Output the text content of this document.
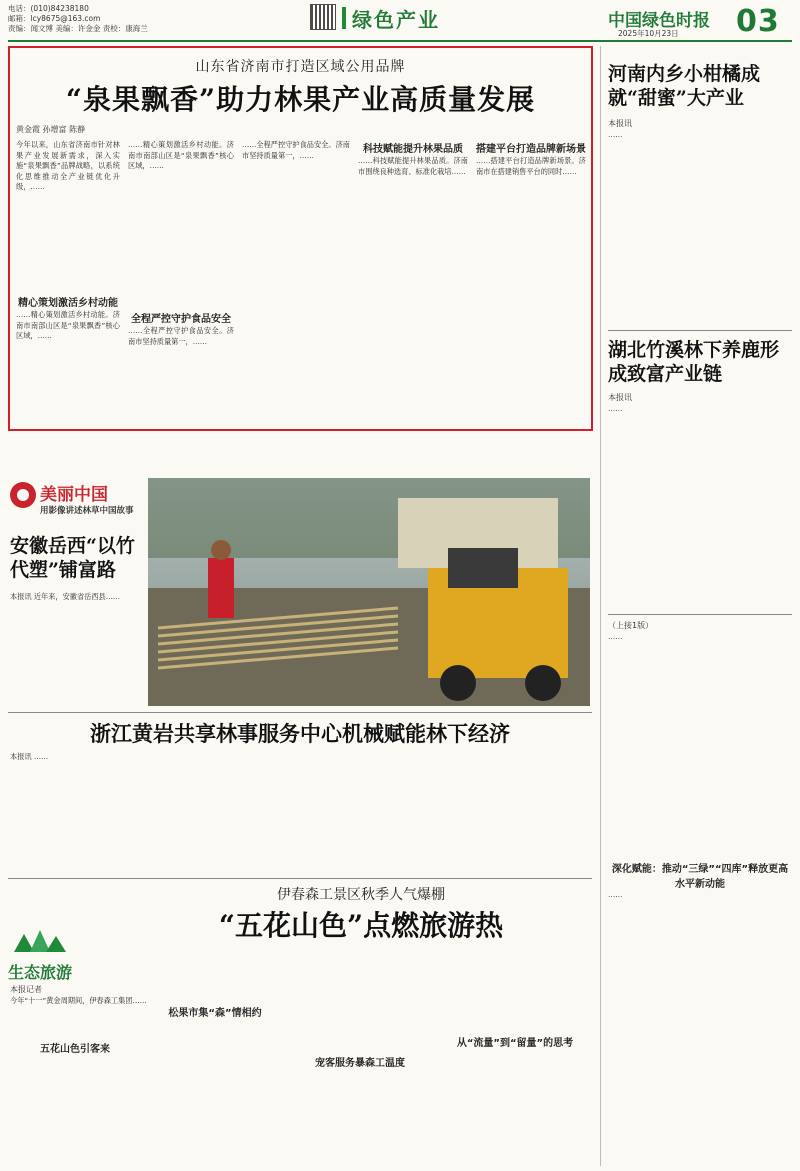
电话：(010)84238180
邮箱：lcy8675@163.com
责编：闻文博 美编：许金金 责校：康海兰	绿色产业	中国绿色时报
2025年10月23日 03
山东省济南市打造区域公用品牌
“泉果飘香”助力林果产业高质量发展
黄金霞 孙增富 陈静
今年以来，山东省济南市针对林果产业发展新需求，深入实施“泉果飘香”品牌战略，以系统化思维推动全产业链优化升级，……
精心策划激活乡村动能
……精心策划激活乡村动能。济南市南部山区是“泉果飘香”核心区域，……
……精心策划激活乡村动能。济南市南部山区是“泉果飘香”核心区域，……
全程严控守护食品安全
……全程严控守护食品安全。济南市坚持质量第一，……
……全程严控守护食品安全。济南市坚持质量第一，……
科技赋能提升林果品质
……科技赋能提升林果品质。济南市围绕良种选育、标准化栽培……
搭建平台打造品牌新场景
……搭建平台打造品牌新场景。济南市在搭建销售平台的同时……
河南内乡小柑橘成就“甜蜜”大产业
本报讯
……
湖北竹溪林下养鹿形成致富产业链
本报讯
……
（上接1版）
……
深化赋能：推动“三绿”“四库”释放更高水平新动能
……
美丽中国
用影像讲述林草中国故事
安徽岳西“以竹代塑”铺富路
本报讯 近年来，安徽省岳西县……
浙江黄岩共享林事服务中心机械赋能林下经济
本报讯 ……
生态旅游
伊春森工景区秋季人气爆棚
“五花山色”点燃旅游热
本报记者
今年“十一”黄金周期间，伊春森工集团……
五花山色引客来
松果市集“森”情相约
宠客服务暴森工温度
从“流量”到“留量”的思考
